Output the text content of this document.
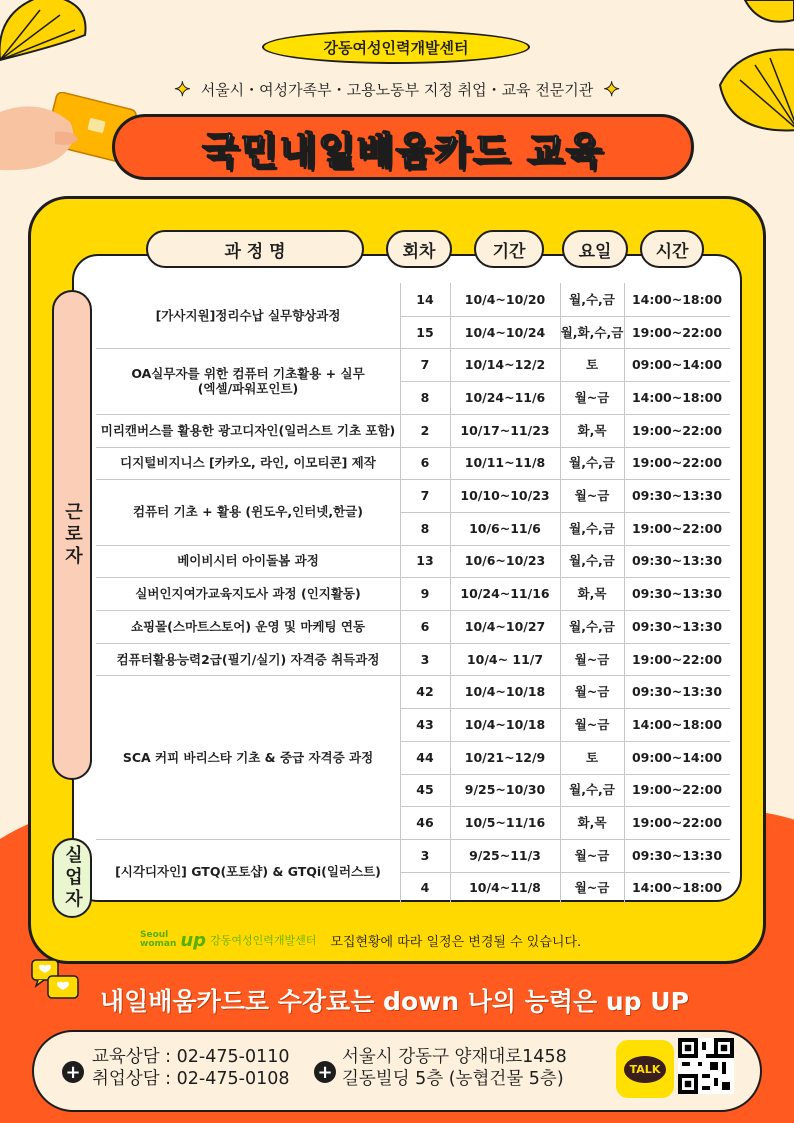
강동여성인력개발센터
✦ 서울시・여성가족부・고용노동부 지정 취업・교육 전문기관 ✦
국민내일배움카드 교육
과 정 명	회차	기간	요일	시간
근로자
실업자
[가사지원]정리수납 실무향상과정
14	10/4~10/20	월,수,금	14:00~18:00
15	10/4~10/24	월,화,수,금 19:00~22:00
OA실무자를 위한 컴퓨터 기초활용 + 실무
(엑셀/파워포인트)
7	10/14~12/2	토	09:00~14:00
8	10/24~11/6	월~금	14:00~18:00
미리캔버스를 활용한 광고디자인(일러스트 기초 포함)	2	10/17~11/23	화,목	19:00~22:00
디지털비지니스 [카카오, 라인, 이모티콘] 제작	6	10/11~11/8	월,수,금	19:00~22:00
컴퓨터 기초 + 활용 (윈도우,인터넷,한글)
7	10/10~10/23	월~금	09:30~13:30
8	10/6~11/6	월,수,금	19:00~22:00
베이비시터 아이돌봄 과정	13	10/6~10/23	월,수,금	09:30~13:30
실버인지여가교육지도사 과정 (인지활동)	9	10/24~11/16	화,목	09:30~13:30
쇼핑몰(스마트스토어) 운영 및 마케팅 연동	6	10/4~10/27	월,수,금	09:30~13:30
컴퓨터활용능력2급(필기/실기) 자격증 취득과정	3	10/4~ 11/7	월~금	19:00~22:00
SCA 커피 바리스타 기초 & 중급 자격증 과정
42	10/4~10/18	월~금	09:30~13:30
43	10/4~10/18	월~금	14:00~18:00
44	10/21~12/9	토	09:00~14:00
45	9/25~10/30	월,수,금	19:00~22:00
46	10/5~11/16	화,목	19:00~22:00
[시각디자인] GTQ(포토샵) & GTQi(일러스트)
3	9/25~11/3	월~금	09:30~13:30
4	10/4~11/8	월~금	14:00~18:00
Seoul
woman up 강동여성인력개발센터 모집현황에 따라 일정은 변경될 수 있습니다.
내일배움카드로 수강료는 down 나의 능력은 up UP
+
교육상담 : 02-475-0110
취업상담 : 02-475-0108 +
서울시 강동구 양재대로1458
길동빌딩 5층 (농협건물 5층)	TALK
